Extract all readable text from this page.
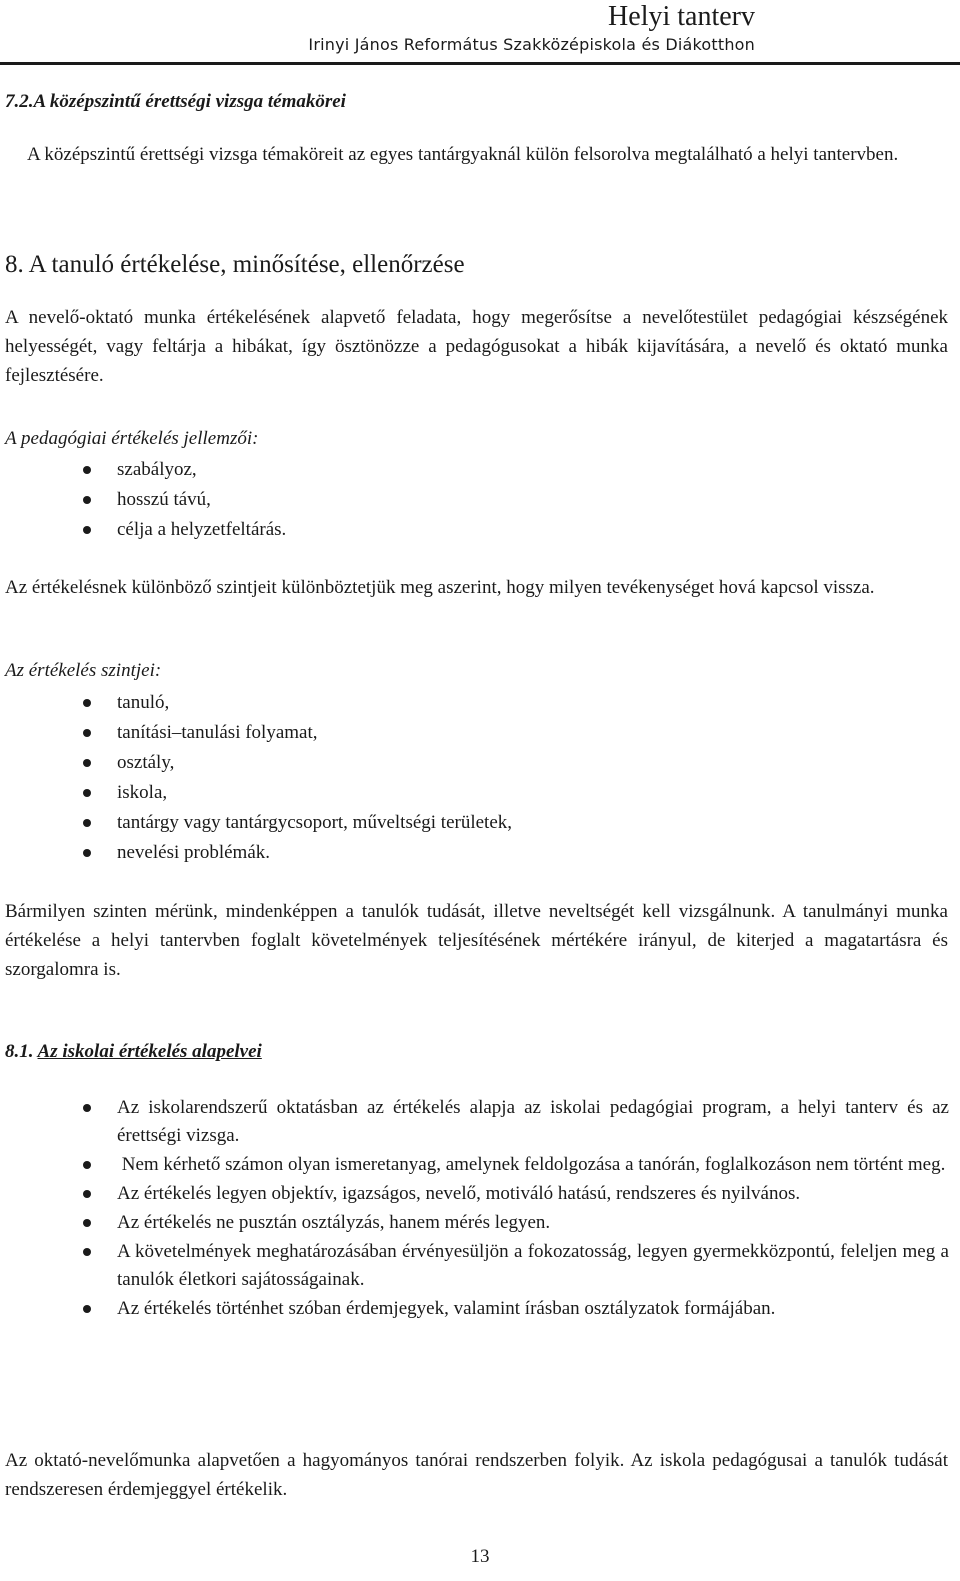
Helyi tanterv
Irinyi János Református Szakközépiskola és Diákotthon
7.2.A középszintű érettségi vizsga témakörei
A középszintű érettségi vizsga témaköreit az egyes tantárgyaknál külön felsorolva megtalálható a helyi tantervben.
8. A tanuló értékelése, minősítése, ellenőrzése
A nevelő-oktató munka értékelésének alapvető feladata, hogy megerősítse a nevelőtestület pedagógiai készségének helyességét, vagy feltárja a hibákat, így ösztönözze a pedagógusokat a hibák kijavítására, a nevelő és oktató munka fejlesztésére.
A pedagógiai értékelés jellemzői:
szabályoz,
hosszú távú,
célja a helyzetfeltárás.
Az értékelésnek különböző szintjeit különböztetjük meg aszerint, hogy milyen tevékenységet hová kapcsol vissza.
Az értékelés szintjei:
tanuló,
tanítási–tanulási folyamat,
osztály,
iskola,
tantárgy vagy tantárgycsoport, műveltségi területek,
nevelési problémák.
Bármilyen szinten mérünk, mindenképpen a tanulók tudását, illetve neveltségét kell vizsgálnunk. A tanulmányi munka értékelése a helyi tantervben foglalt követelmények teljesítésének mértékére irányul, de kiterjed a magatartásra és szorgalomra is.
8.1. Az iskolai értékelés alapelvei
Az iskolarendszerű oktatásban az értékelés alapja az iskolai pedagógiai program, a helyi tanterv és az érettségi vizsga.
Nem kérhető számon olyan ismeretanyag, amelynek feldolgozása a tanórán, foglalkozáson nem történt meg.
Az értékelés legyen objektív, igazságos, nevelő, motiváló hatású, rendszeres és nyilvános.
Az értékelés ne pusztán osztályzás, hanem mérés legyen.
A követelmények meghatározásában érvényesüljön a fokozatosság, legyen gyermekközpontú, feleljen meg a tanulók életkori sajátosságainak.
Az értékelés történhet szóban érdemjegyek, valamint írásban osztályzatok formájában.
Az oktató-nevelőmunka alapvetően a hagyományos tanórai rendszerben folyik. Az iskola pedagógusai a tanulók tudását rendszeresen érdemjeggyel értékelik.
13
